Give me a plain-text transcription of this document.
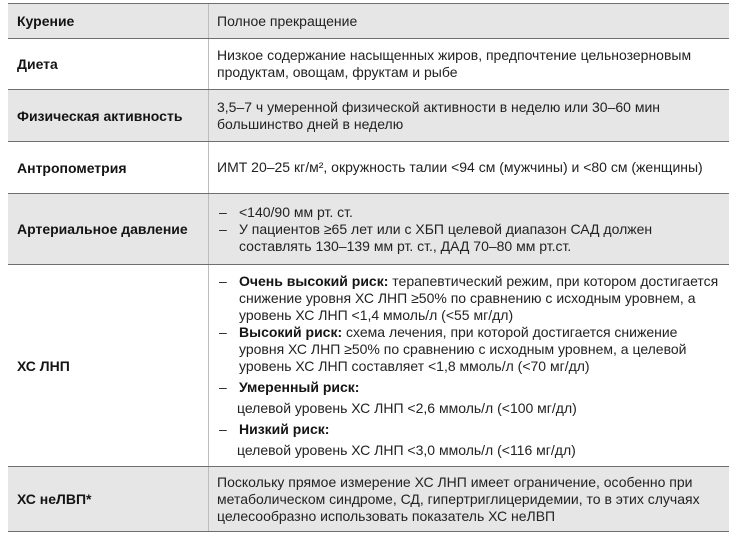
Курение	Полное прекращение
Диета
Низкое содержание насыщенных жиров, предпочтение цельнозерновым продуктам, овощам, фруктам и рыбе
Физическая активность
3,5–7 ч умеренной физической активности в неделю или 30–60 мин большинство дней в неделю
Антропометрия	ИМТ 20–25 кг/м², окружность талии <94 см (мужчины) и <80 см (женщины)
Артериальное давление
– <140/90 мм рт. ст.
– У пациентов ≥65 лет или с ХБП целевой диапазон САД должен составлять 130–139 мм рт. ст., ДАД 70–80 мм рт.ст.
ХС ЛНП
– Очень высокий риск: терапевтический режим, при котором достигается снижение уровня ХС ЛНП ≥50% по сравнению с исходным уровнем, а уровень ХС ЛНП <1,4 ммоль/л (<55 мг/дл)
– Высокий риск: схема лечения, при которой достигается снижение уровня ХС ЛНП ≥50% по сравнению с исходным уровнем, а целевой уровень ХС ЛНП составляет <1,8 ммоль/л (<70 мг/дл)
– Умеренный риск:
целевой уровень ХС ЛНП <2,6 ммоль/л (<100 мг/дл)
– Низкий риск:
целевой уровень ХС ЛНП <3,0 ммоль/л (<116 мг/дл)
ХС неЛВП*
Поскольку прямое измерение ХС ЛНП имеет ограничение, особенно при метаболическом синдроме, СД, гипертриглицеридемии, то в этих случаях целесообразно использовать показатель ХС неЛВП
